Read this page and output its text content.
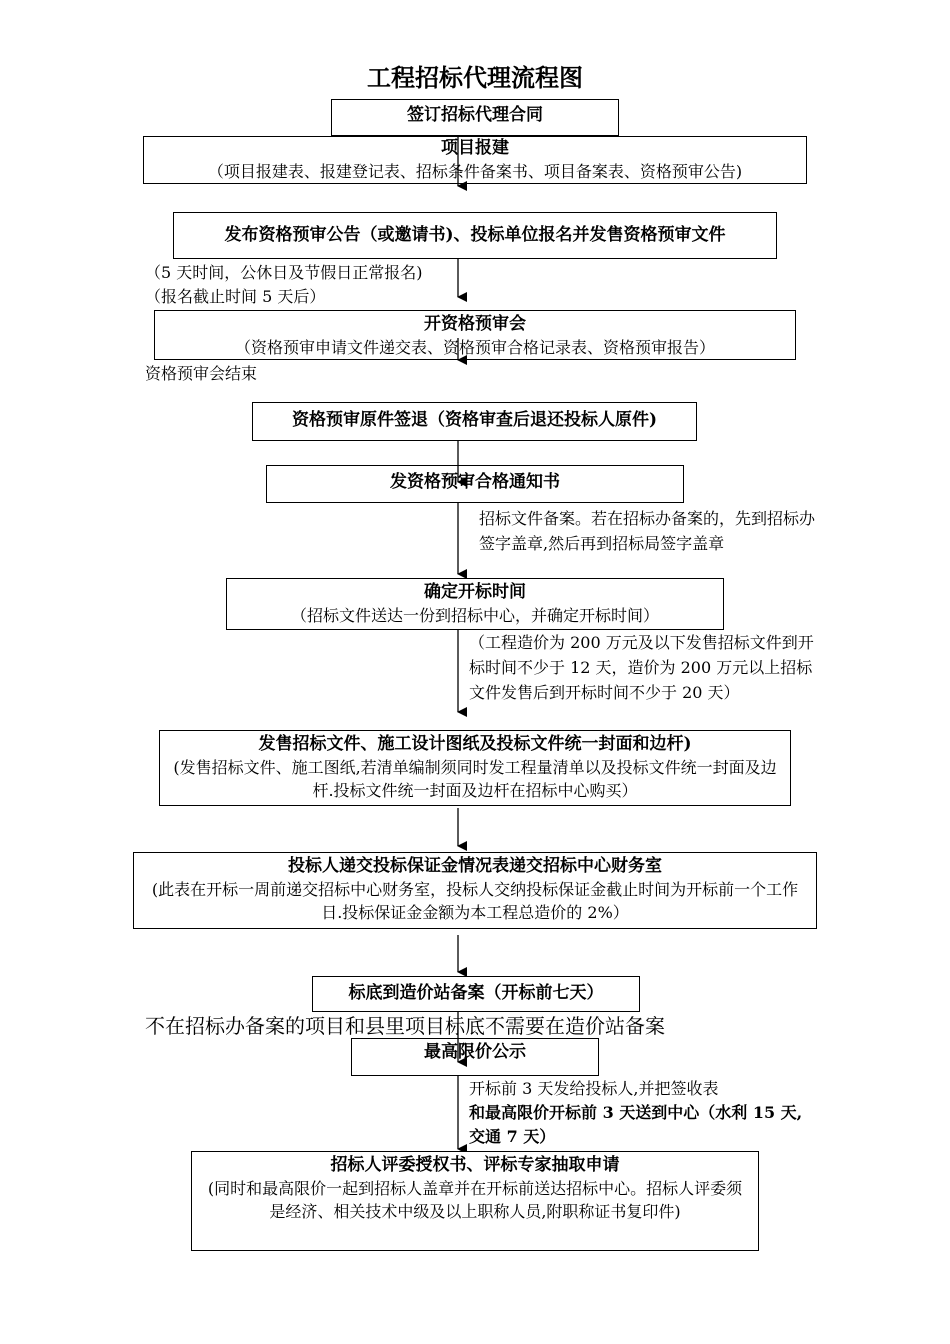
工程招标代理流程图
签订招标代理合同
项目报建
（项目报建表、报建登记表、招标条件备案书、项目备案表、资格预审公告)
发布资格预审公告（或邀请书)、投标单位报名并发售资格预审文件
开资格预审会
（资格预审申请文件递交表、资格预审合格记录表、资格预审报告）
资格预审原件签退（资格审查后退还投标人原件)
发资格预审合格通知书
确定开标时间
（招标文件送达一份到招标中心，并确定开标时间）
发售招标文件、施工设计图纸及投标文件统一封面和边杆)
(发售招标文件、施工图纸,若清单编制须同时发工程量清单以及投标文件统一封面及边杆.投标文件统一封面及边杆在招标中心购买）
投标人递交投标保证金情况表递交招标中心财务室
(此表在开标一周前递交招标中心财务室，投标人交纳投标保证金截止时间为开标前一个工作日.投标保证金金额为本工程总造价的 2%）
标底到造价站备案（开标前七天）
最高限价公示
招标人评委授权书、评标专家抽取申请
(同时和最高限价一起到招标人盖章并在开标前送达招标中心。招标人评委须是经济、相关技术中级及以上职称人员,附职称证书复印件)
（5 天时间，公休日及节假日正常报名)
（报名截止时间 5 天后）
资格预审会结束
招标文件备案。若在招标办备案的，先到招标办签字盖章,然后再到招标局签字盖章
（工程造价为 200 万元及以下发售招标文件到开标时间不少于 12 天，造价为 200 万元以上招标文件发售后到开标时间不少于 20 天）
不在招标办备案的项目和县里项目标底不需要在造价站备案
开标前 3 天发给投标人,并把签收表
和最高限价开标前 3 天送到中心（水利 15 天,交通 7 天）
